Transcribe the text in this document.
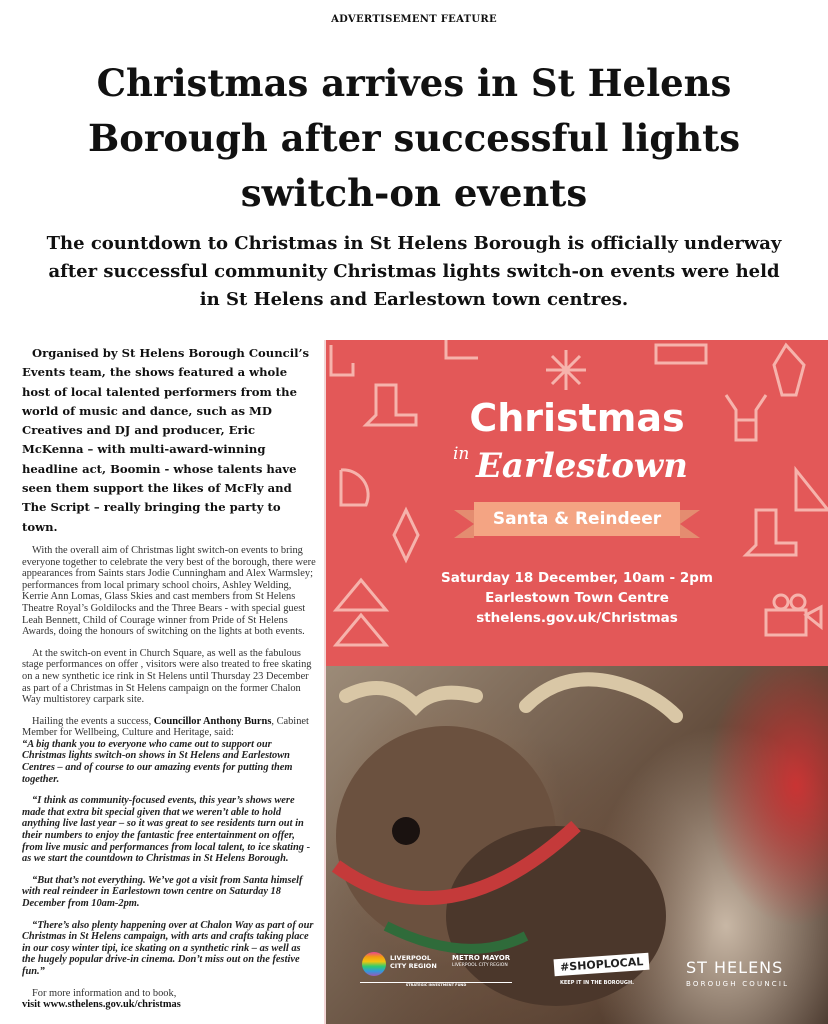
ADVERTISEMENT FEATURE
Christmas arrives in St Helens Borough after successful lights switch-on events
The countdown to Christmas in St Helens Borough is officially underway after successful community Christmas lights switch-on events were held in St Helens and Earlestown town centres.

Organised by St Helens Borough Council’s Events team, the shows featured a whole host of local talented performers from the world of music and dance, such as MD Creatives and DJ and producer, Eric McKenna – with multi-award-winning headline act, Boomin - whose talents have seen them support the likes of McFly and The Script – really bringing the party to town.

With the overall aim of Christmas light switch-on events to bring everyone together to celebrate the very best of the borough, there were appearances from Saints stars Jodie Cunningham and Alex Warmsley; performances from local primary school choirs, Ashley Welding, Kerrie Ann Lomas, Glass Skies and cast members from St Helens Theatre Royal’s Goldilocks and the Three Bears - with special guest Leah Bennett, Child of Courage winner from Pride of St Helens Awards, doing the honours of switching on the lights at both events.

At the switch-on event in Church Square, as well as the fabulous stage performances on offer , visitors were also treated to free skating on a new synthetic ice rink in St Helens until Thursday 23 December as part of a Christmas in St Helens campaign on the former Chalon Way multistorey carpark site.

Hailing the events a success, Councillor Anthony Burns, Cabinet Member for Wellbeing, Culture and Heritage, said:
“A big thank you to everyone who came out to support our Christmas lights switch-on shows in St Helens and Earlestown Centres – and of course to our amazing events for putting them together.

“I think as community-focused events, this year’s shows were made that extra bit special given that we weren’t able to hold anything live last year – so it was great to see residents turn out in their numbers to enjoy the fantastic free entertainment on offer, from live music and performances from local talent, to ice skating - as we start the countdown to Christmas in St Helens Borough.

“But that’s not everything. We’ve got a visit from Santa himself with real reindeer in Earlestown town centre on Saturday 18 December from 10am-2pm.

“There’s also plenty happening over at Chalon Way as part of our Christmas in St Helens campaign, with arts and crafts taking place in our cosy winter tipi, ice skating on a synthetic rink – as well as the hugely popular drive-in cinema. Don’t miss out on the festive fun.”

For more information and to book,

visit www.sthelens.gov.uk/christmas

Christmas
in Earlestown
Santa & Reindeer
Saturday 18 December, 10am - 2pm
Earlestown Town Centre
sthelens.gov.uk/Christmas
LIVERPOOL
CITY REGION
METRO MAYOR
LIVERPOOL CITY REGION
STRATEGIC INVESTMENT FUND
#SHOPLOCAL
KEEP IT IN THE BOROUGH.
ST HELENS
BOROUGH COUNCIL
